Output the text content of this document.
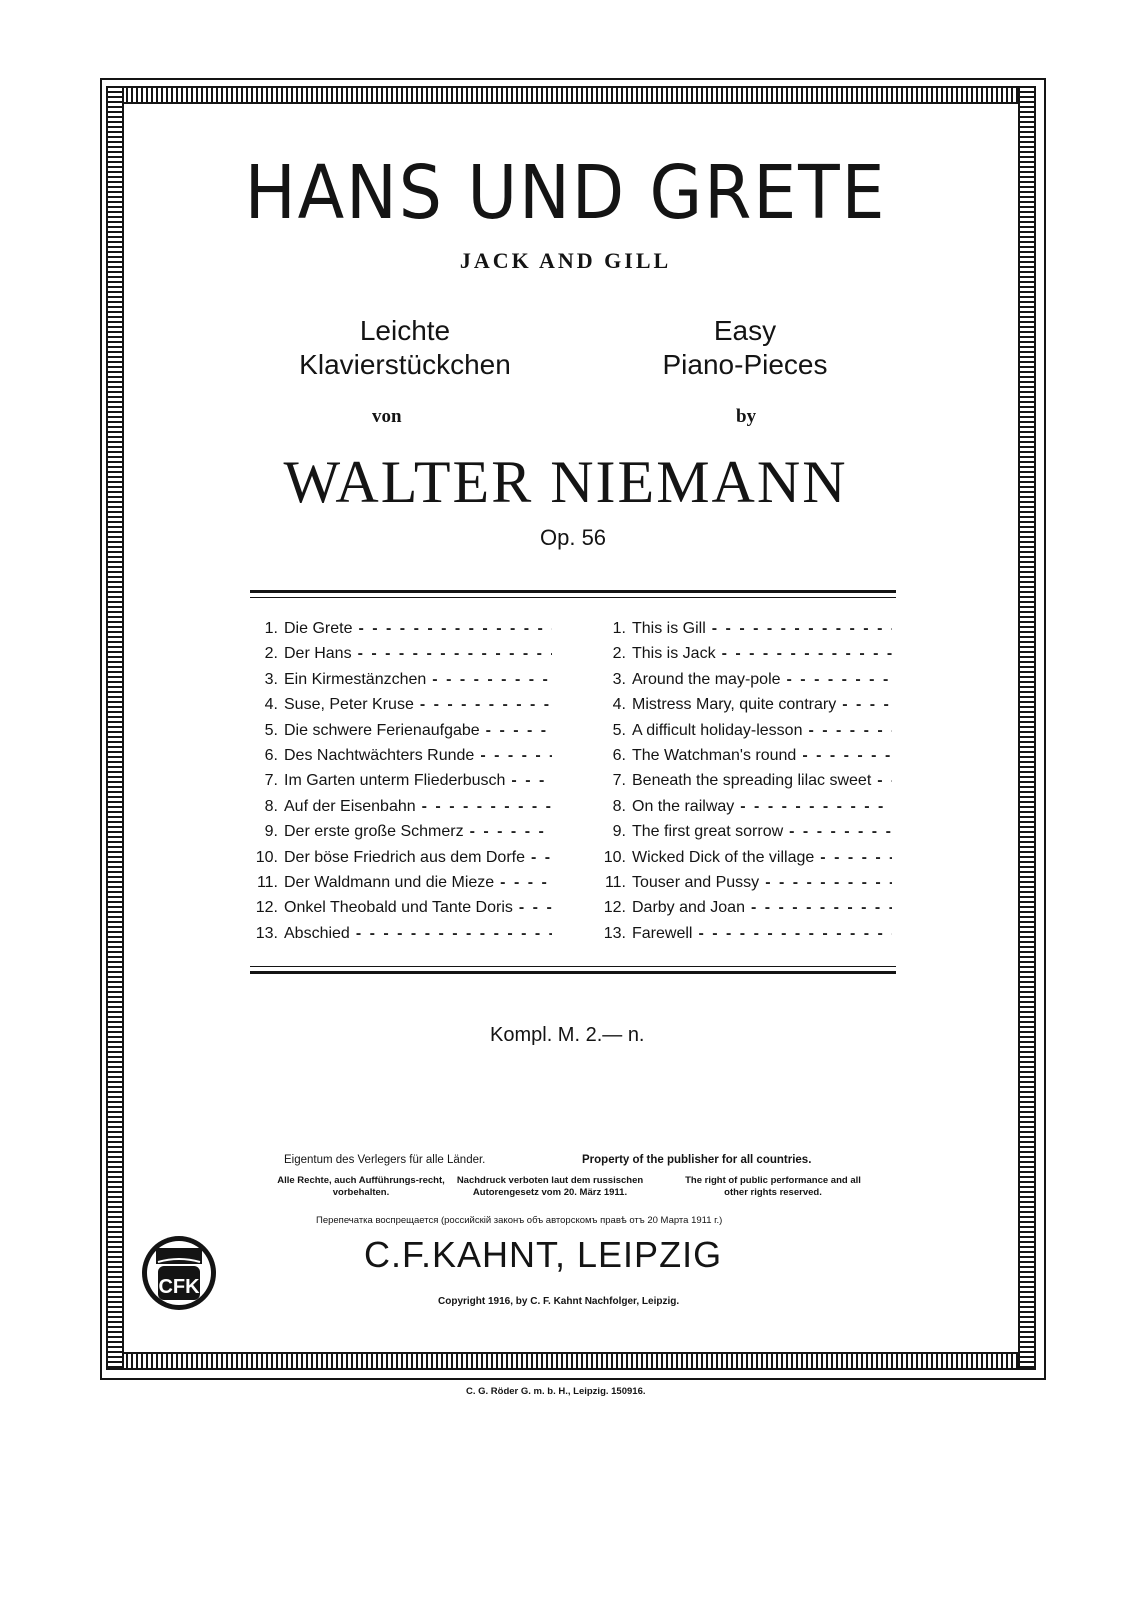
HANS UND GRETE
JACK AND GILL
Leichte
Klavierstückchen
Easy
Piano-Pieces
von	by
WALTER NIEMANN
Op. 56
1. Die Grete
- - -
2. Der Hans
- - -
3. Ein Kirmestänzchen
- - -
4. Suse, Peter Kruse
- - -
5. Die schwere Ferienaufgabe
- - -
6. Des Nachtwächters Runde
- - -
7. Im Garten unterm Fliederbusch
- - -
8. Auf der Eisenbahn
- - -
9. Der erste große Schmerz
- - -
10. Der böse Friedrich aus dem Dorfe
- - -
11. Der Waldmann und die Mieze
- - -
12. Onkel Theobald und Tante Doris
- - -
13. Abschied
- - -
1. This is Gill
- - -
2. This is Jack
- - -
3. Around the may-pole
- - -
4. Mistress Mary, quite contrary
- - -
5. A difficult holiday-lesson
- - -
6. The Watchman's round
- - -
7. Beneath the spreading lilac sweet
- - -
8. On the railway
- - -
9. The first great sorrow
- - -
10. Wicked Dick of the village
- - -
11. Touser and Pussy
- - -
12. Darby and Joan
- - -
13. Farewell
- - -
Kompl. M. 2.— n.
Eigentum des Verlegers für alle Länder.	Property of the publisher for all countries.
Alle Rechte, auch Aufführungs-recht, vorbehalten.
Nachdruck verboten laut dem russischen Autorengesetz vom 20. März 1911.
The right of public performance and all other rights reserved.
Перепечатка воспрещается (российскій законъ объ авторскомъ правѣ отъ 20 Марта 1911 г.)
CFK
C.F.KAHNT, LEIPZIG
Copyright 1916, by C. F. Kahnt Nachfolger, Leipzig.
C. G. Röder G. m. b. H., Leipzig. 150916.
